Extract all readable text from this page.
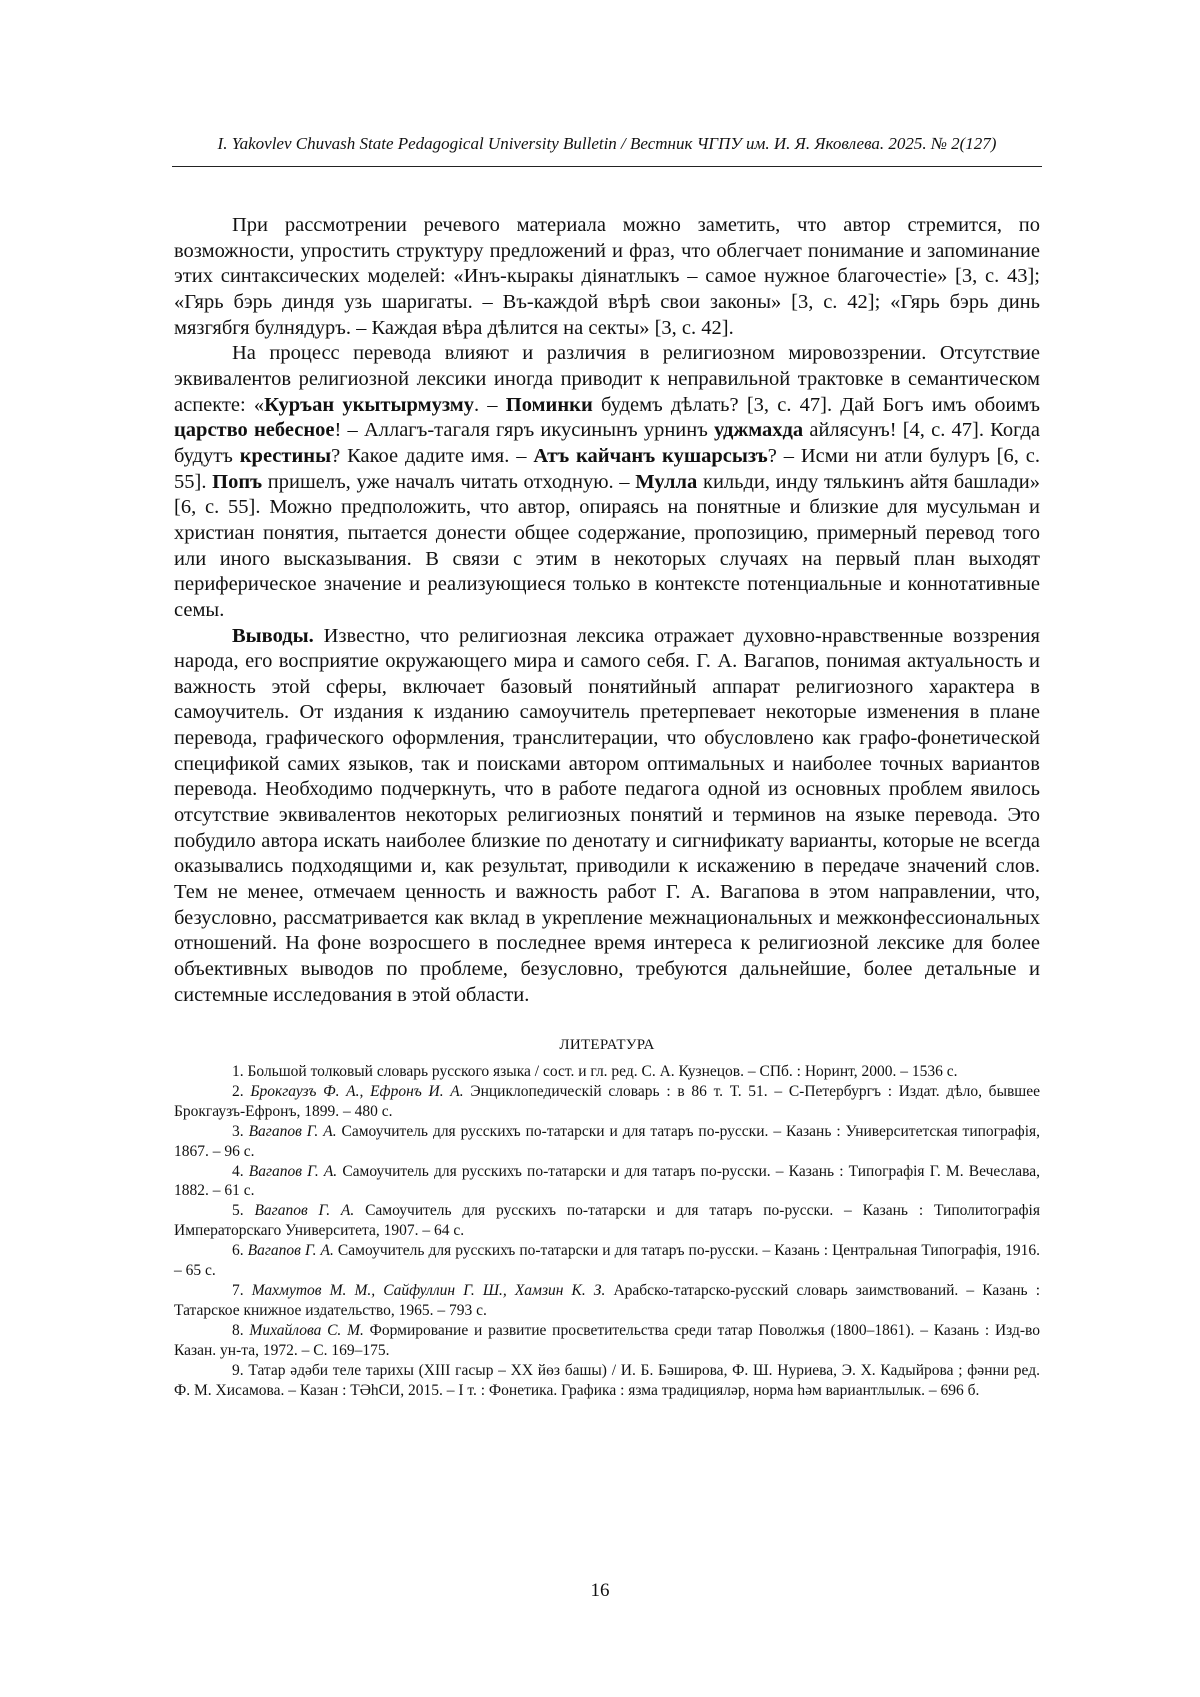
I. Yakovlev Chuvash State Pedagogical University Bulletin / Вестник ЧГПУ им. И. Я. Яковлева. 2025. № 2(127)

При рассмотрении речевого материала можно заметить, что автор стремится, по возможности, упростить структуру предложений и фраз, что облегчает понимание и запоминание этих синтаксических моделей: «Инъ-кыракы діянатлыкъ – самое нужное благочестіе» [3, с. 43]; «Гярь бэрь диндя узь шаригаты. – Въ-каждой вѣрѣ свои законы» [3, с. 42]; «Гярь бэрь динь мязгябгя булнядуръ. – Каждая вѣра дѣлится на секты» [3, с. 42].

На процесс перевода влияют и различия в религиозном мировоззрении. Отсутствие эквивалентов религиозной лексики иногда приводит к неправильной трактовке в семантическом аспекте: «Куръан укытырмузму. – Поминки будемъ дѣлать? [3, с. 47]. Дай Богъ имъ обоимъ царство небесное! – Аллагъ-тагаля гяръ икусинынъ урнинъ уджмахда айлясунъ! [4, с. 47]. Когда будутъ крестины? Какое дадите имя. – Атъ кайчанъ кушарсызъ? – Исми ни атли булуръ [6, с. 55]. Попъ пришелъ, уже началъ читать отходную. – Мулла кильди, инду тялькинъ айтя башлади» [6, с. 55]. Можно предположить, что автор, опираясь на понятные и близкие для мусульман и христиан понятия, пытается донести общее содержание, пропозицию, примерный перевод того или иного высказывания. В связи с этим в некоторых случаях на первый план выходят периферическое значение и реализующиеся только в контексте потенциальные и коннотативные семы.

Выводы. Известно, что религиозная лексика отражает духовно-нравственные воззрения народа, его восприятие окружающего мира и самого себя. Г. А. Вагапов, понимая актуальность и важность этой сферы, включает базовый понятийный аппарат религиозного характера в самоучитель. От издания к изданию самоучитель претерпевает некоторые изменения в плане перевода, графического оформления, транслитерации, что обусловлено как графо-фонетической спецификой самих языков, так и поисками автором оптимальных и наиболее точных вариантов перевода. Необходимо подчеркнуть, что в работе педагога одной из основных проблем явилось отсутствие эквивалентов некоторых религиозных понятий и терминов на языке перевода. Это побудило автора искать наиболее близкие по денотату и сигнификату варианты, которые не всегда оказывались подходящими и, как результат, приводили к искажению в передаче значений слов. Тем не менее, отмечаем ценность и важность работ Г. А. Вагапова в этом направлении, что, безусловно, рассматривается как вклад в укрепление межнациональных и межконфессиональных отношений. На фоне возросшего в последнее время интереса к религиозной лексике для более объективных выводов по проблеме, безусловно, требуются дальнейшие, более детальные и системные исследования в этой области.

ЛИТЕРАТУРА

1. Большой толковый словарь русского языка / сост. и гл. ред. С. А. Кузнецов. – СПб. : Норинт, 2000. – 1536 с.

2. Брокгаузъ Ф. А., Ефронъ И. А. Энциклопедическій словарь : в 86 т. Т. 51. – С-Петербургъ : Издат. дѣло, бывшее Брокгаузъ-Ефронъ, 1899. – 480 с.

3. Вагапов Г. А. Самоучитель для русскихъ по-татарски и для татаръ по-русски. – Казань : Университетская типографія, 1867. – 96 с.

4. Вагапов Г. А. Самоучитель для русскихъ по-татарски и для татаръ по-русски. – Казань : Типографія Г. М. Вечеслава, 1882. – 61 с.

5. Вагапов Г. А. Самоучитель для русскихъ по-татарски и для татаръ по-русски. – Казань : Типолитографія Императорскаго Университета, 1907. – 64 с.

6. Вагапов Г. А. Самоучитель для русскихъ по-татарски и для татаръ по-русски. – Казань : Центральная Типографія, 1916. – 65 с.

7. Махмутов М. М., Сайфуллин Г. Ш., Хамзин К. З. Арабско-татарско-русский словарь заимствований. – Казань : Татарское книжное издательство, 1965. – 793 с.

8. Михайлова С. М. Формирование и развитие просветительства среди татар Поволжья (1800–1861). – Казань : Изд-во Казан. ун-та, 1972. – С. 169–175.

9. Татар әдәби теле тарихы (XIII гасыр – XX йөз башы) / И. Б. Бәширова, Ф. Ш. Нуриева, Э. Х. Кадыйрова ; фәнни ред. Ф. М. Хисамова. – Казан : ТӘһСИ, 2015. – I т. : Фонетика. Графика : язма традицияләр, норма һәм вариантлылык. – 696 б.

16
